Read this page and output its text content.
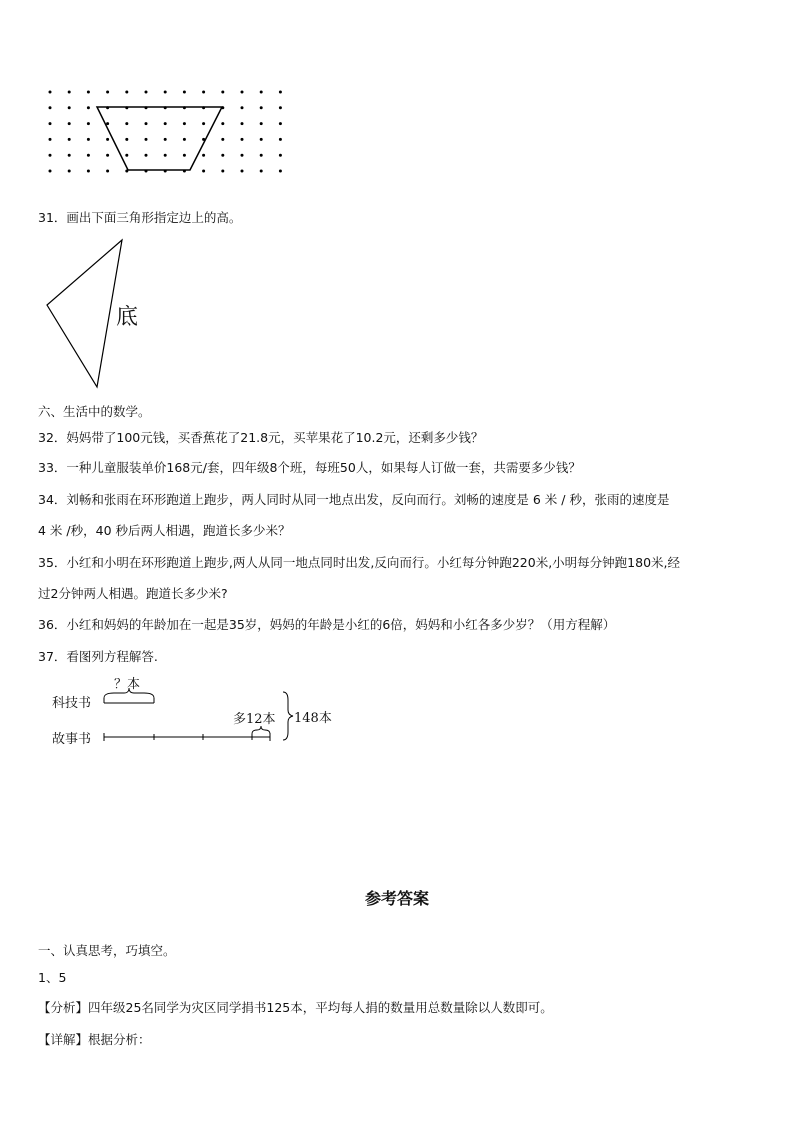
31．画出下面三角形指定边上的高。
底
六、生活中的数学。
32．妈妈带了100元钱，买香蕉花了21.8元，买苹果花了10.2元，还剩多少钱？
33．一种儿童服装单价168元/套，四年级8个班，每班50人，如果每人订做一套，共需要多少钱？
34．刘畅和张雨在环形跑道上跑步，两人同时从同一地点出发，反向而行。刘畅的速度是 6 米 / 秒，张雨的速度是
4 米 /秒，40 秒后两人相遇，跑道长多少米？
35．小红和小明在环形跑道上跑步,两人从同一地点同时出发,反向而行。小红每分钟跑220米,小明每分钟跑180米,经
过2分钟两人相遇。跑道长多少米?
36．小红和妈妈的年龄加在一起是35岁，妈妈的年龄是小红的6倍，妈妈和小红各多少岁？（用方程解）
37．看图列方程解答.
科技书
故事书
？本
多12本 148本
参考答案
一、认真思考，巧填空。
1、5
【分析】四年级25名同学为灾区同学捐书125本，平均每人捐的数量用总数量除以人数即可。
【详解】根据分析：
